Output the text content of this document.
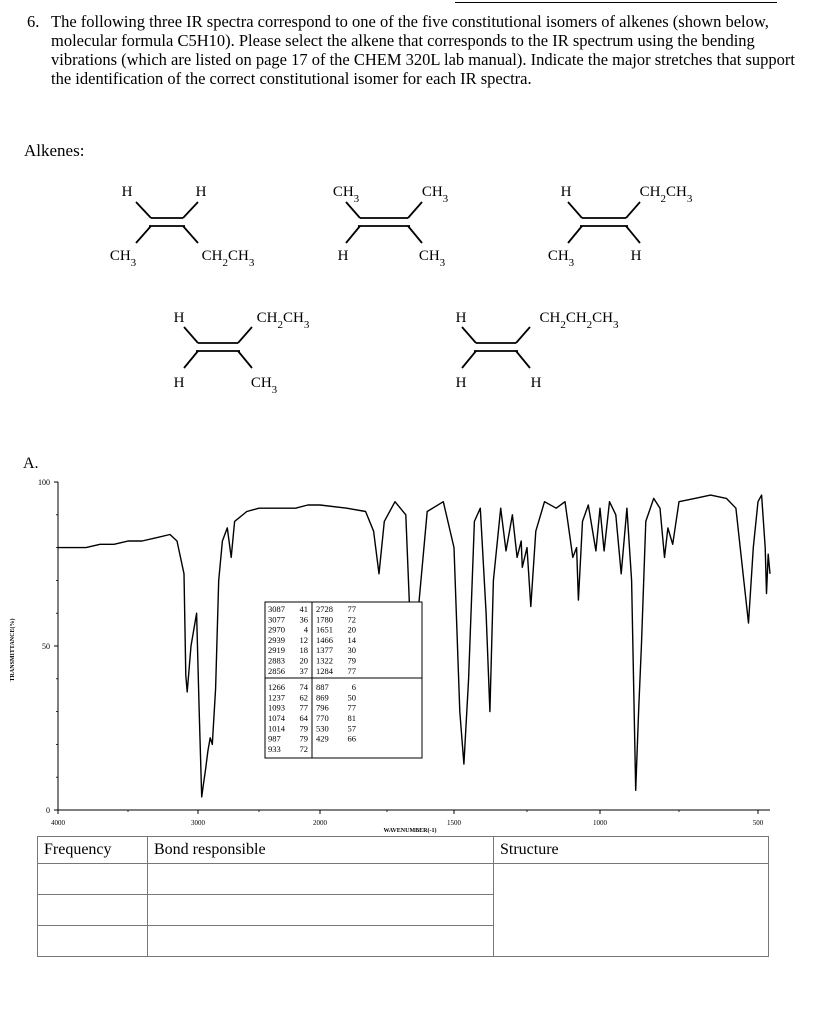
6. The following three IR spectra correspond to one of the five constitutional isomers of alkenes (shown below, molecular formula C5H10). Please select the alkene that corresponds to the IR spectrum using the bending vibrations (which are listed on page 17 of the CHEM 320L lab manual). Indicate the major stretches that support the identification of the correct constitutional isomer for each IR spectra.
Alkenes:
H	H
$CH_3$	$CH_2CH_3$
$CH_3$	$CH_3$
H	$CH_3$
H	$CH_2CH_3$
$CH_3$	H
H	$CH_2CH_3$
H	$CH_3$
H	$CH_2CH_2CH_3$
H	H
A.
0
50
100
4000	3000	2000	1500	1000	500
WAVENUMBER(-1)
TRANSMITTANCE(%)
3087 41
3077 36
2970 4
2939 12
2919 18
2883 20
2856 37
1266 74
1237 62
1093 77
1074 64
1014 79
987 79
933 72
2728 77
1780 72
1651 20
1466 14
1377 30
1322 79
1284 77
887	6
869 50
796 77
770 81
530 57
429 66
Frequency	Bond responsible	Structure
